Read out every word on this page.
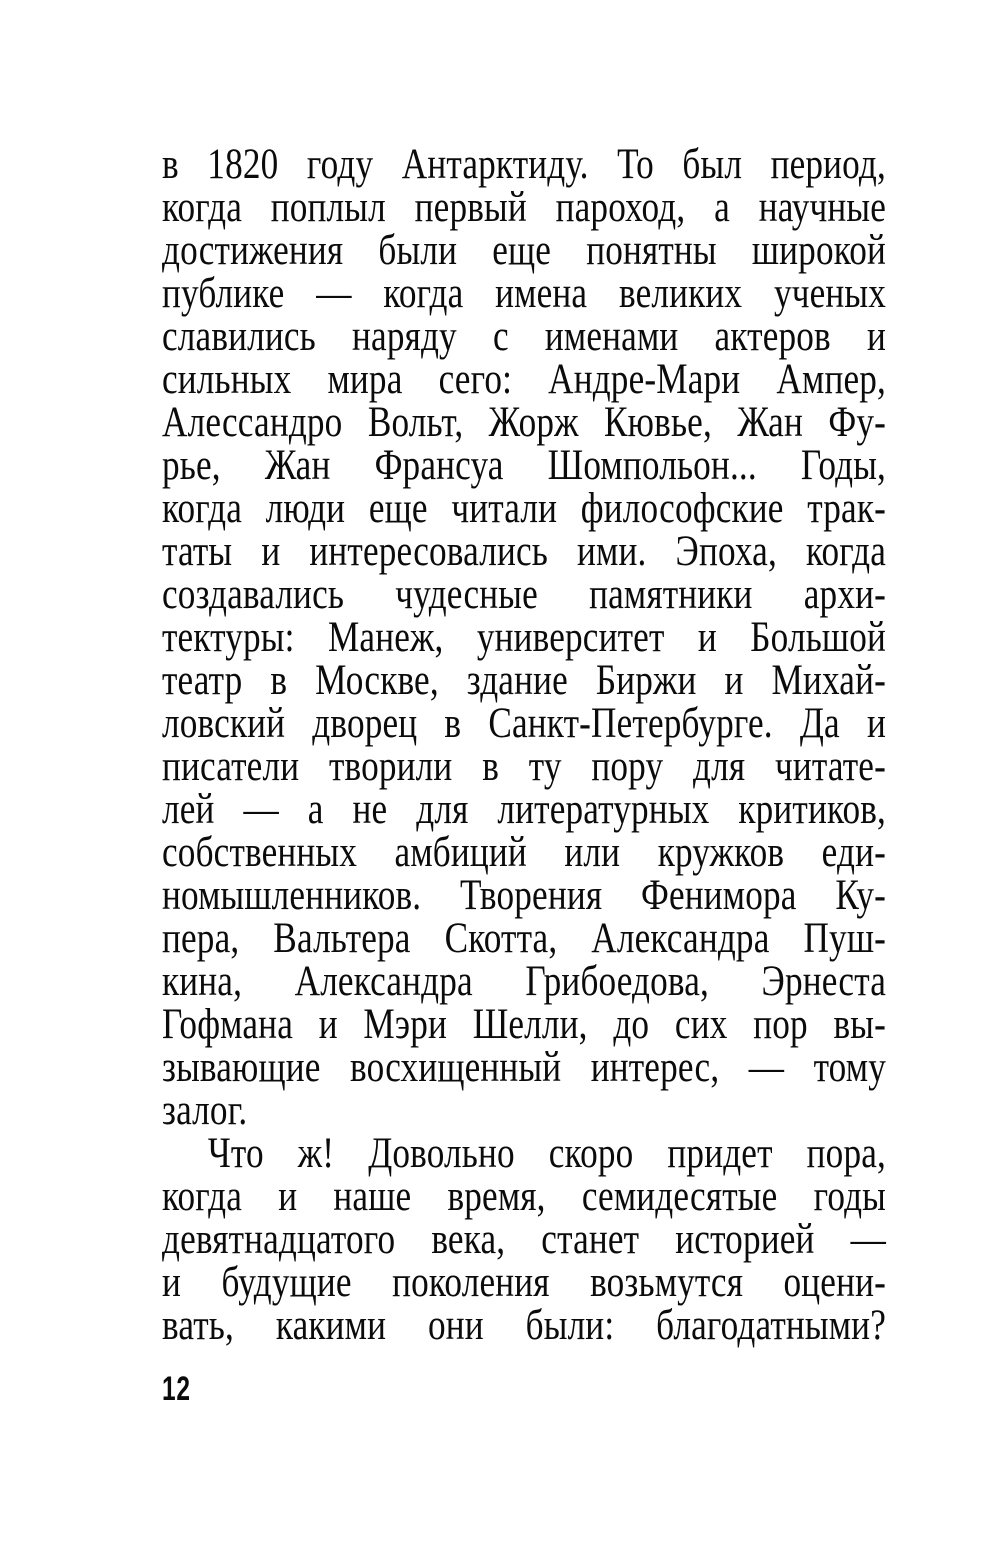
в 1820 году Антарктиду. То был период,
когда поплыл первый пароход, а научные
достижения были еще понятны широкой
публике — когда имена великих ученых
славились наряду с именами актеров и
сильных мира сего: Андре-Мари Ампер,
Алессандро Вольт, Жорж Кювье, Жан Фу-
рье, Жан Франсуа Шомпольон... Годы,
когда люди еще читали философские трак-
таты и интересовались ими. Эпоха, когда
создавались чудесные памятники архи-
тектуры: Манеж, университет и Большой
театр в Москве, здание Биржи и Михай-
ловский дворец в Санкт-Петербурге. Да и
писатели творили в ту пору для читате-
лей — а не для литературных критиков,
собственных амбиций или кружков еди-
номышленников. Творения Фенимора Ку-
пера, Вальтера Скотта, Александра Пуш-
кина, Александра Грибоедова, Эрнеста
Гофмана и Мэри Шелли, до сих пор вы-
зывающие восхищенный интерес, — тому
залог.
Что ж! Довольно скоро придет пора,
когда и наше время, семидесятые годы
девятнадцатого века, станет историей —
и будущие поколения возьмутся оцени-
вать, какими они были: благодатными?
12
